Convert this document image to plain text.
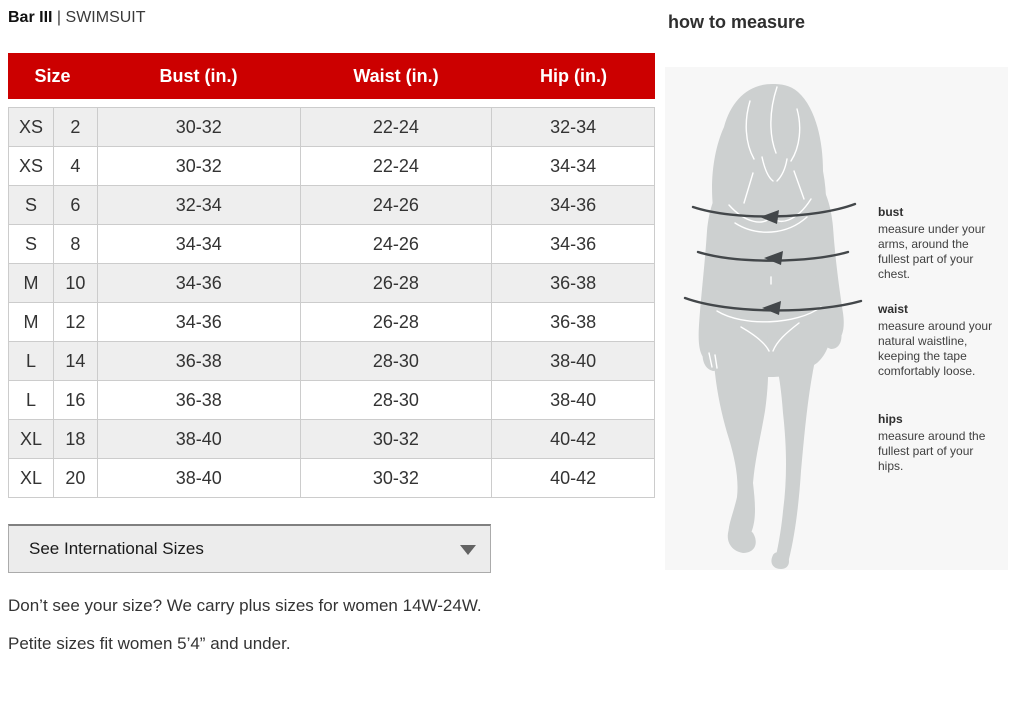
Bar III | SWIMSUIT
Size	Bust (in.)	Waist (in.)	Hip (in.)
XS	2	30-32	22-24	32-34
XS	4	30-32	22-24	34-34
S	6	32-34	24-26	34-36
S	8	34-34	24-26	34-36
M	10	34-36	26-28	36-38
M	12	34-36	26-28	36-38
L	14	36-38	28-30	38-40
L	16	36-38	28-30	38-40
XL	18	38-40	30-32	40-42
XL	20	38-40	30-32	40-42
See International Sizes
Don’t see your size? We carry plus sizes for women 14W-24W.
Petite sizes fit women 5’4” and under.
how to measure
bust
measure under your arms, around the fullest part of your chest.
waist
measure around your natural waistline, keeping the tape comfortably loose.
hips
measure around the fullest part of your hips.
